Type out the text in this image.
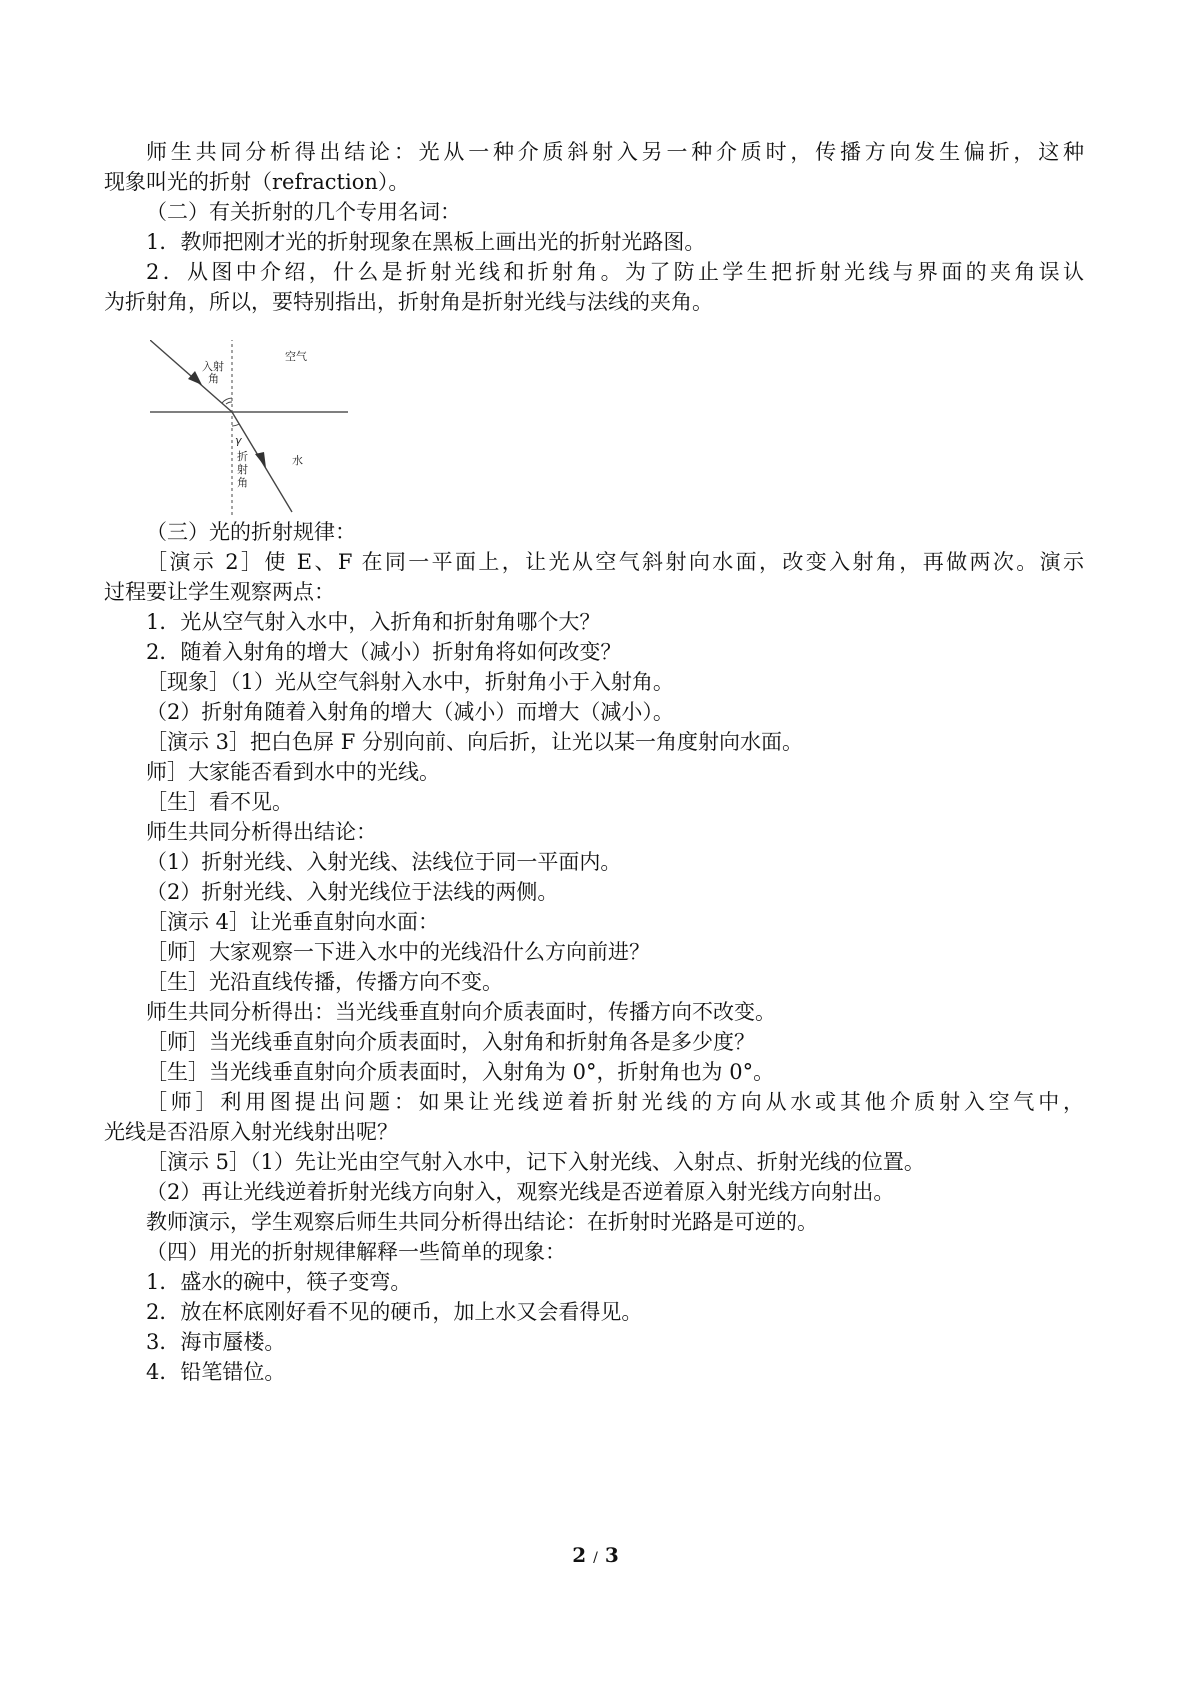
师生共同分析得出结论：光从一种介质斜射入另一种介质时，传播方向发生偏折，这种
现象叫光的折射（refraction）。
（二）有关折射的几个专用名词：
1．教师把刚才光的折射现象在黑板上画出光的折射光路图。
2．从图中介绍，什么是折射光线和折射角。为了防止学生把折射光线与界面的夹角误认
为折射角，所以，要特别指出，折射角是折射光线与法线的夹角。
入射
角
空气
水
γ
折
射
角
（三）光的折射规律：
［演示 2］使 E、F 在同一平面上，让光从空气斜射向水面，改变入射角，再做两次。演示
过程要让学生观察两点：
1．光从空气射入水中，入折角和折射角哪个大？
2．随着入射角的增大（减小）折射角将如何改变？
［现象］（1）光从空气斜射入水中，折射角小于入射角。
（2）折射角随着入射角的增大（减小）而增大（减小）。
［演示 3］把白色屏 F 分别向前、向后折，让光以某一角度射向水面。
师］大家能否看到水中的光线。
［生］看不见。
师生共同分析得出结论：
（1）折射光线、入射光线、法线位于同一平面内。
（2）折射光线、入射光线位于法线的两侧。
［演示 4］让光垂直射向水面：
［师］大家观察一下进入水中的光线沿什么方向前进？
［生］光沿直线传播，传播方向不变。
师生共同分析得出：当光线垂直射向介质表面时，传播方向不改变。
［师］当光线垂直射向介质表面时，入射角和折射角各是多少度？
［生］当光线垂直射向介质表面时，入射角为 0°，折射角也为 0°。
［师］利用图提出问题：如果让光线逆着折射光线的方向从水或其他介质射入空气中，
光线是否沿原入射光线射出呢？
［演示 5］（1）先让光由空气射入水中，记下入射光线、入射点、折射光线的位置。
（2）再让光线逆着折射光线方向射入，观察光线是否逆着原入射光线方向射出。
教师演示，学生观察后师生共同分析得出结论：在折射时光路是可逆的。
（四）用光的折射规律解释一些简单的现象：
1．盛水的碗中，筷子变弯。
2．放在杯底刚好看不见的硬币，加上水又会看得见。
3．海市蜃楼。
4．铅笔错位。
2 / 3
